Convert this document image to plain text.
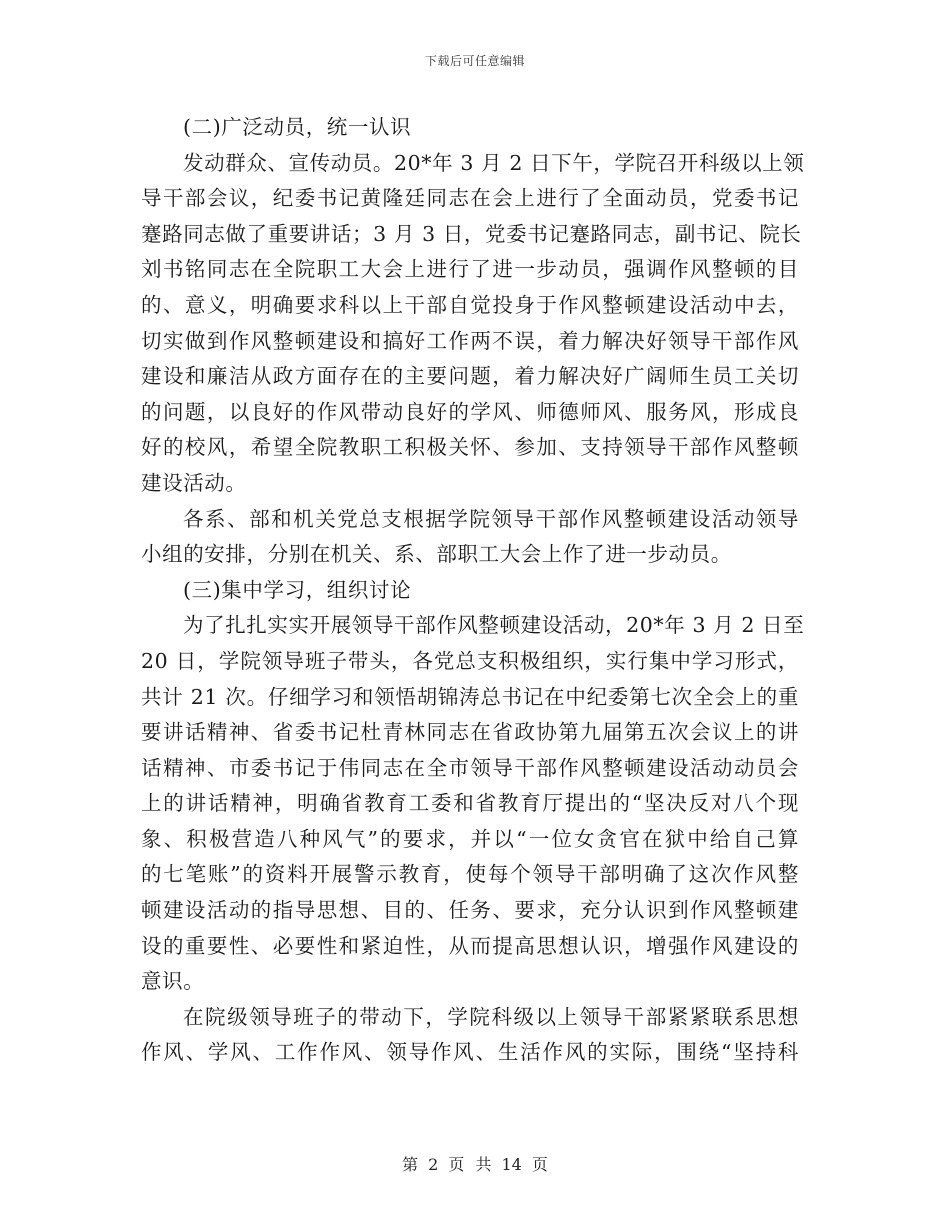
下载后可任意编辑
(二)广泛动员，统一认识
发动群众、宣传动员。20*年 3 月 2 日下午，学院召开科级以上领
导干部会议，纪委书记黄隆廷同志在会上进行了全面动员，党委书记
蹇路同志做了重要讲话；3 月 3 日，党委书记蹇路同志，副书记、院长
刘书铭同志在全院职工大会上进行了进一步动员，强调作风整顿的目
的、意义，明确要求科以上干部自觉投身于作风整顿建设活动中去，
切实做到作风整顿建设和搞好工作两不误，着力解决好领导干部作风
建设和廉洁从政方面存在的主要问题，着力解决好广阔师生员工关切
的问题，以良好的作风带动良好的学风、师德师风、服务风，形成良
好的校风，希望全院教职工积极关怀、参加、支持领导干部作风整顿
建设活动。
各系、部和机关党总支根据学院领导干部作风整顿建设活动领导
小组的安排，分别在机关、系、部职工大会上作了进一步动员。
(三)集中学习，组织讨论
为了扎扎实实开展领导干部作风整顿建设活动，20*年 3 月 2 日至
20 日，学院领导班子带头，各党总支积极组织，实行集中学习形式，
共计 21 次。仔细学习和领悟胡锦涛总书记在中纪委第七次全会上的重
要讲话精神、省委书记杜青林同志在省政协第九届第五次会议上的讲
话精神、市委书记于伟同志在全市领导干部作风整顿建设活动动员会
上的讲话精神，明确省教育工委和省教育厅提出的“坚决反对八个现
象、积极营造八种风气”的要求，并以“一位女贪官在狱中给自己算
的七笔账”的资料开展警示教育，使每个领导干部明确了这次作风整
顿建设活动的指导思想、目的、任务、要求，充分认识到作风整顿建
设的重要性、必要性和紧迫性，从而提高思想认识，增强作风建设的
意识。
在院级领导班子的带动下，学院科级以上领导干部紧紧联系思想
作风、学风、工作作风、领导作风、生活作风的实际，围绕“坚持科
第 2 页 共 14 页
